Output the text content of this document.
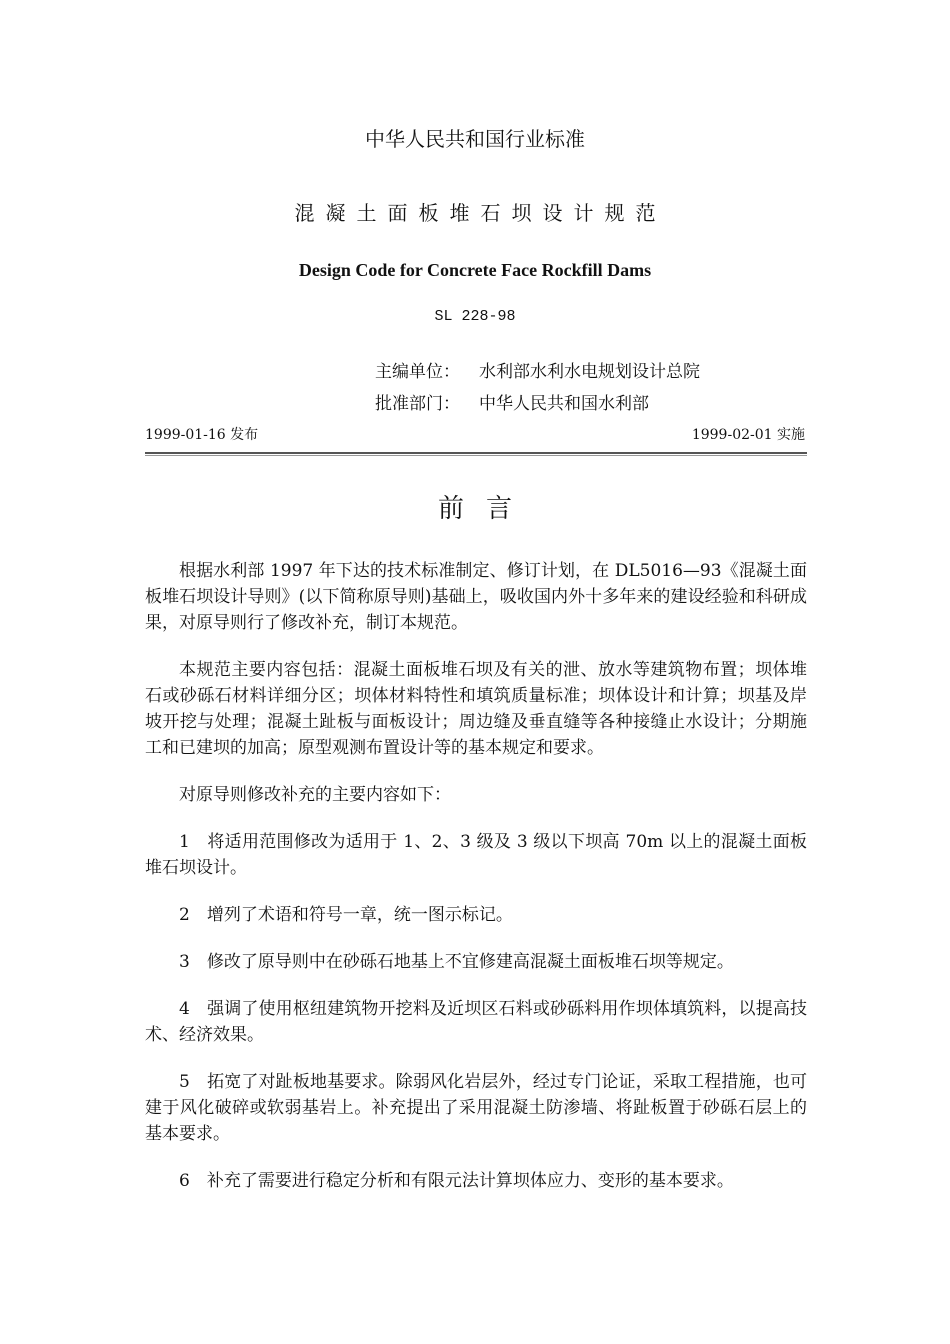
中华人民共和国行业标准
混凝土面板堆石坝设计规范
Design Code for Concrete Face Rockfill Dams
SL 228-98
主编单位： 水利部水利水电规划设计总院
批准部门： 中华人民共和国水利部
1999-01-16 发布	1999-02-01 实施
前言

根据水利部 1997 年下达的技术标准制定、修订计划，在 DL5016—93《混凝土面板堆石坝设计导则》(以下简称原导则)基础上，吸收国内外十多年来的建设经验和科研成果，对原导则行了修改补充，制订本规范。

本规范主要内容包括：混凝土面板堆石坝及有关的泄、放水等建筑物布置；坝体堆石或砂砾石材料详细分区；坝体材料特性和填筑质量标准；坝体设计和计算；坝基及岸坡开挖与处理；混凝土趾板与面板设计；周边缝及垂直缝等各种接缝止水设计；分期施工和已建坝的加高；原型观测布置设计等的基本规定和要求。

对原导则修改补充的主要内容如下：

1　将适用范围修改为适用于 1、2、3 级及 3 级以下坝高 70m 以上的混凝土面板堆石坝设计。

2　增列了术语和符号一章，统一图示标记。

3　修改了原导则中在砂砾石地基上不宜修建高混凝土面板堆石坝等规定。

4　强调了使用枢纽建筑物开挖料及近坝区石料或砂砾料用作坝体填筑料，以提高技术、经济效果。

5　拓宽了对趾板地基要求。除弱风化岩层外，经过专门论证，采取工程措施，也可建于风化破碎或软弱基岩上。补充提出了采用混凝土防渗墙、将趾板置于砂砾石层上的基本要求。

6　补充了需要进行稳定分析和有限元法计算坝体应力、变形的基本要求。
